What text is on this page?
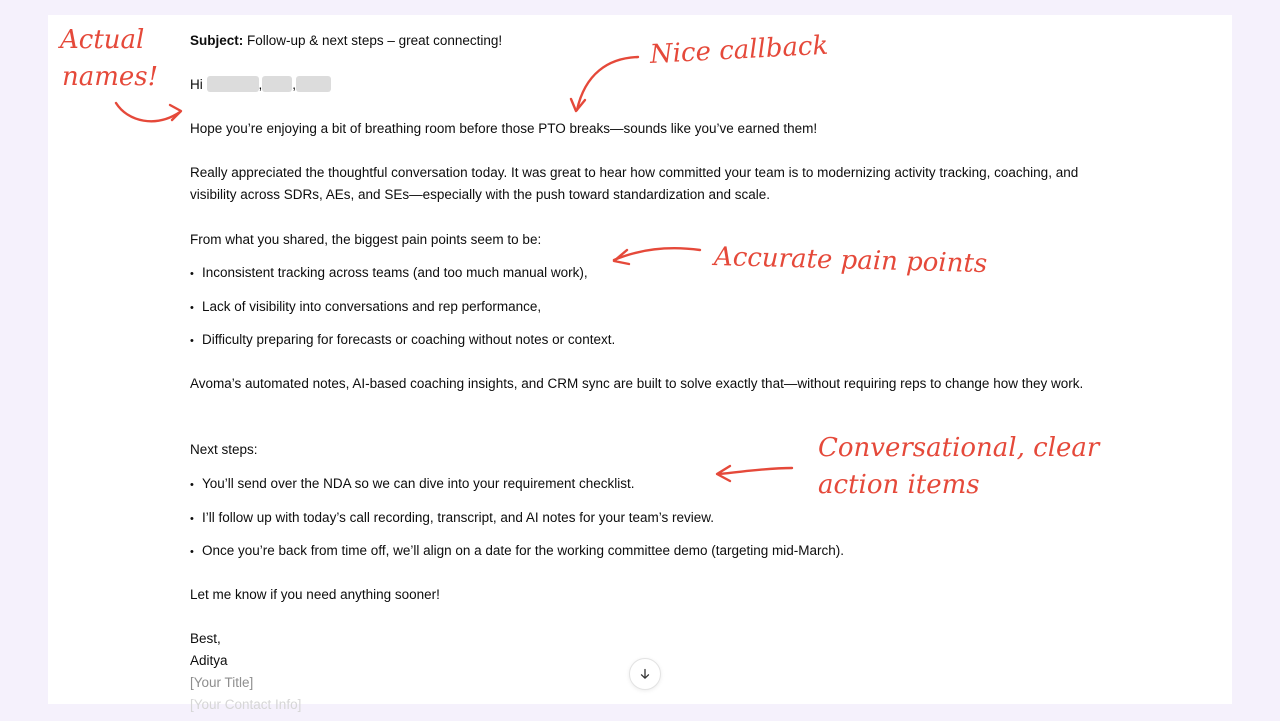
Subject: Follow-up & next steps – great connecting!
Hi	, ,
Hope you’re enjoying a bit of breathing room before those PTO breaks—sounds like you’ve earned them!
Really appreciated the thoughtful conversation today. It was great to hear how committed your team is to modernizing activity tracking, coaching, and visibility across SDRs, AEs, and SEs—especially with the push toward standardization and scale.
From what you shared, the biggest pain points seem to be:
• Inconsistent tracking across teams (and too much manual work),
• Lack of visibility into conversations and rep performance,
• Difficulty preparing for forecasts or coaching without notes or context.
Avoma’s automated notes, AI-based coaching insights, and CRM sync are built to solve exactly that—without requiring reps to change how they work.
Next steps:
• You’ll send over the NDA so we can dive into your requirement checklist.
• I’ll follow up with today’s call recording, transcript, and AI notes for your team’s review.
• Once you’re back from time off, we’ll align on a date for the working committee demo (targeting mid-March).
Let me know if you need anything sooner!
Best,
Aditya
[Your Title]
[Your Contact Info]
Actual
names!
Nice callback
Accurate pain points
Conversational, clear
action items
